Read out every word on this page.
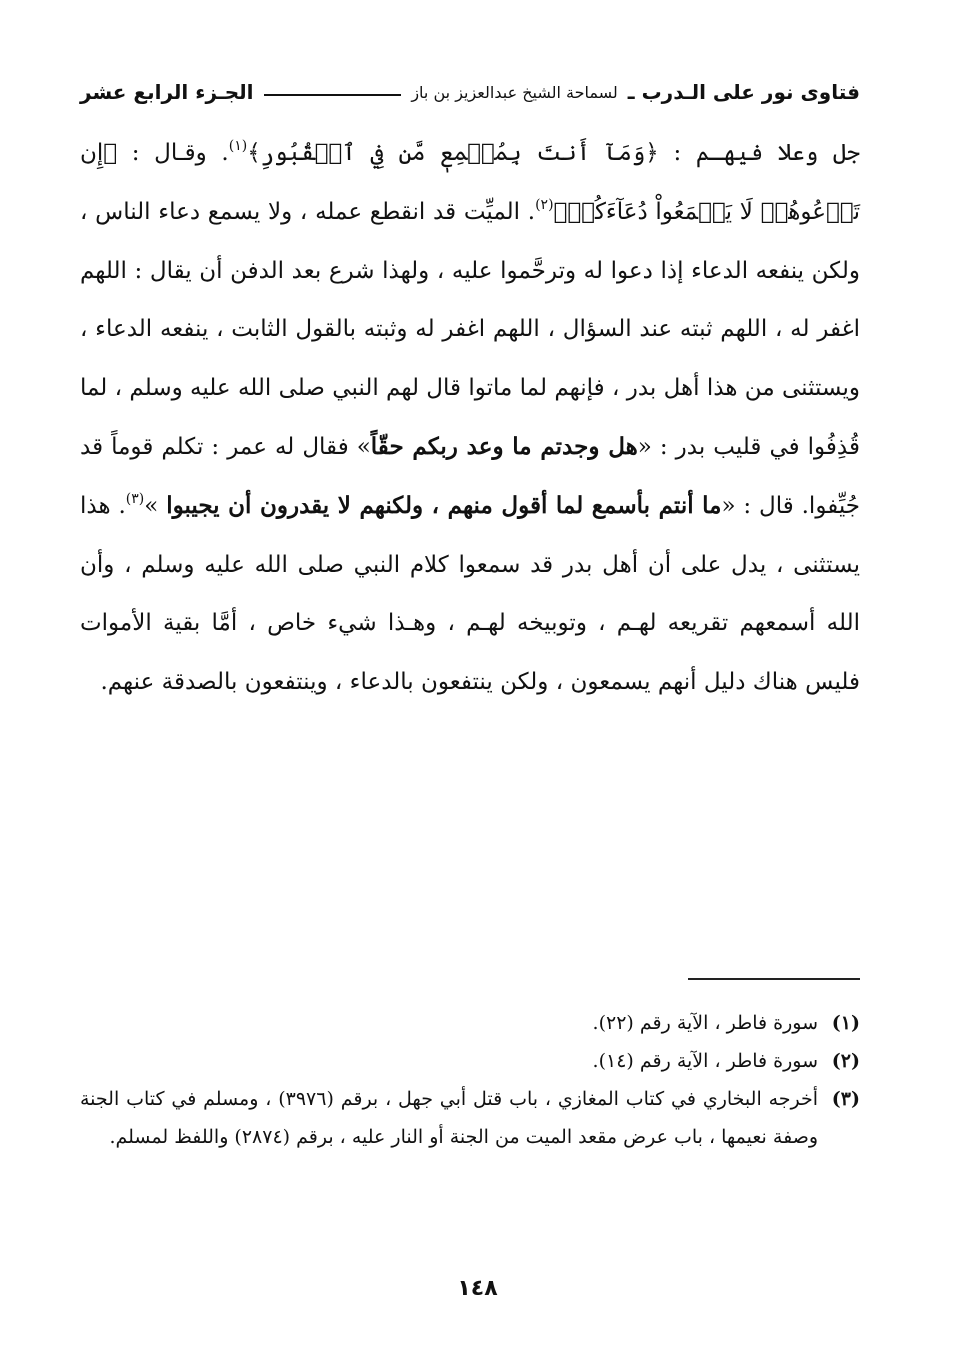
فتاوى نور على الـدرب ـ
لسماحة الشيخ عبدالعزيز بن باز
الجـزء الرابع عشر

جل وعلا فيهـم : ﴿وَمَآ أَنتَ بِمُسۡمِعٖ مَّن فِي ٱلۡقُبُورِ﴾$^{(١)}$. وقـال : ﴿إِن تَدۡعُوهُمۡ لَا يَسۡمَعُواْ دُعَآءَكُمۡ﴾$^{(٢)}$. الميِّت قد انقطع عمله ، ولا يسمع دعاء الناس ، ولكن ينفعه الدعاء إذا دعوا له وترحَّموا عليه ، ولهذا شرع بعد الدفن أن يقال : اللهم اغفر له ، اللهم ثبته عند السؤال ، اللهم اغفر له وثبته بالقول الثابت ، ينفعه الدعاء ، ويستثنى من هذا أهل بدر ، فإنهم لما ماتوا قال لهم النبي صلى الله عليه وسلم ، لما قُذِفُوا في قليب بدر : «هل وجدتم ما وعد ربكم حقّاً» فقال له عمر : تكلم قوماً قد جُيِّفوا. قال : «ما أنتم بأسمع لما أقول منهم ، ولكنهم لا يقدرون أن يجيبوا »$^{(٣)}$. هذا يستثنى ، يدل على أن أهل بدر قد سمعوا كلام النبي صلى الله عليه وسلم ، وأن الله أسمعهم تقريعه لهـم ، وتوبيخه لهـم ، وهـذا شيء خاص ، أمَّا بقية الأموات فليس هناك دليل أنهم يسمعون ، ولكن ينتفعون بالدعاء ، وينتفعون بالصدقة عنهم.

(١)
سورة فاطر ، الآية رقم (٢٢).

(٢)
سورة فاطر ، الآية رقم (١٤).

(٣)
أخرجه البخاري في كتاب المغازي ، باب قتل أبي جهل ، برقم (٣٩٧٦) ، ومسلم في كتاب الجنة وصفة نعيمها ، باب عرض مقعد الميت من الجنة أو النار عليه ، برقم (٢٨٧٤) واللفظ لمسلم.

١٤٨
